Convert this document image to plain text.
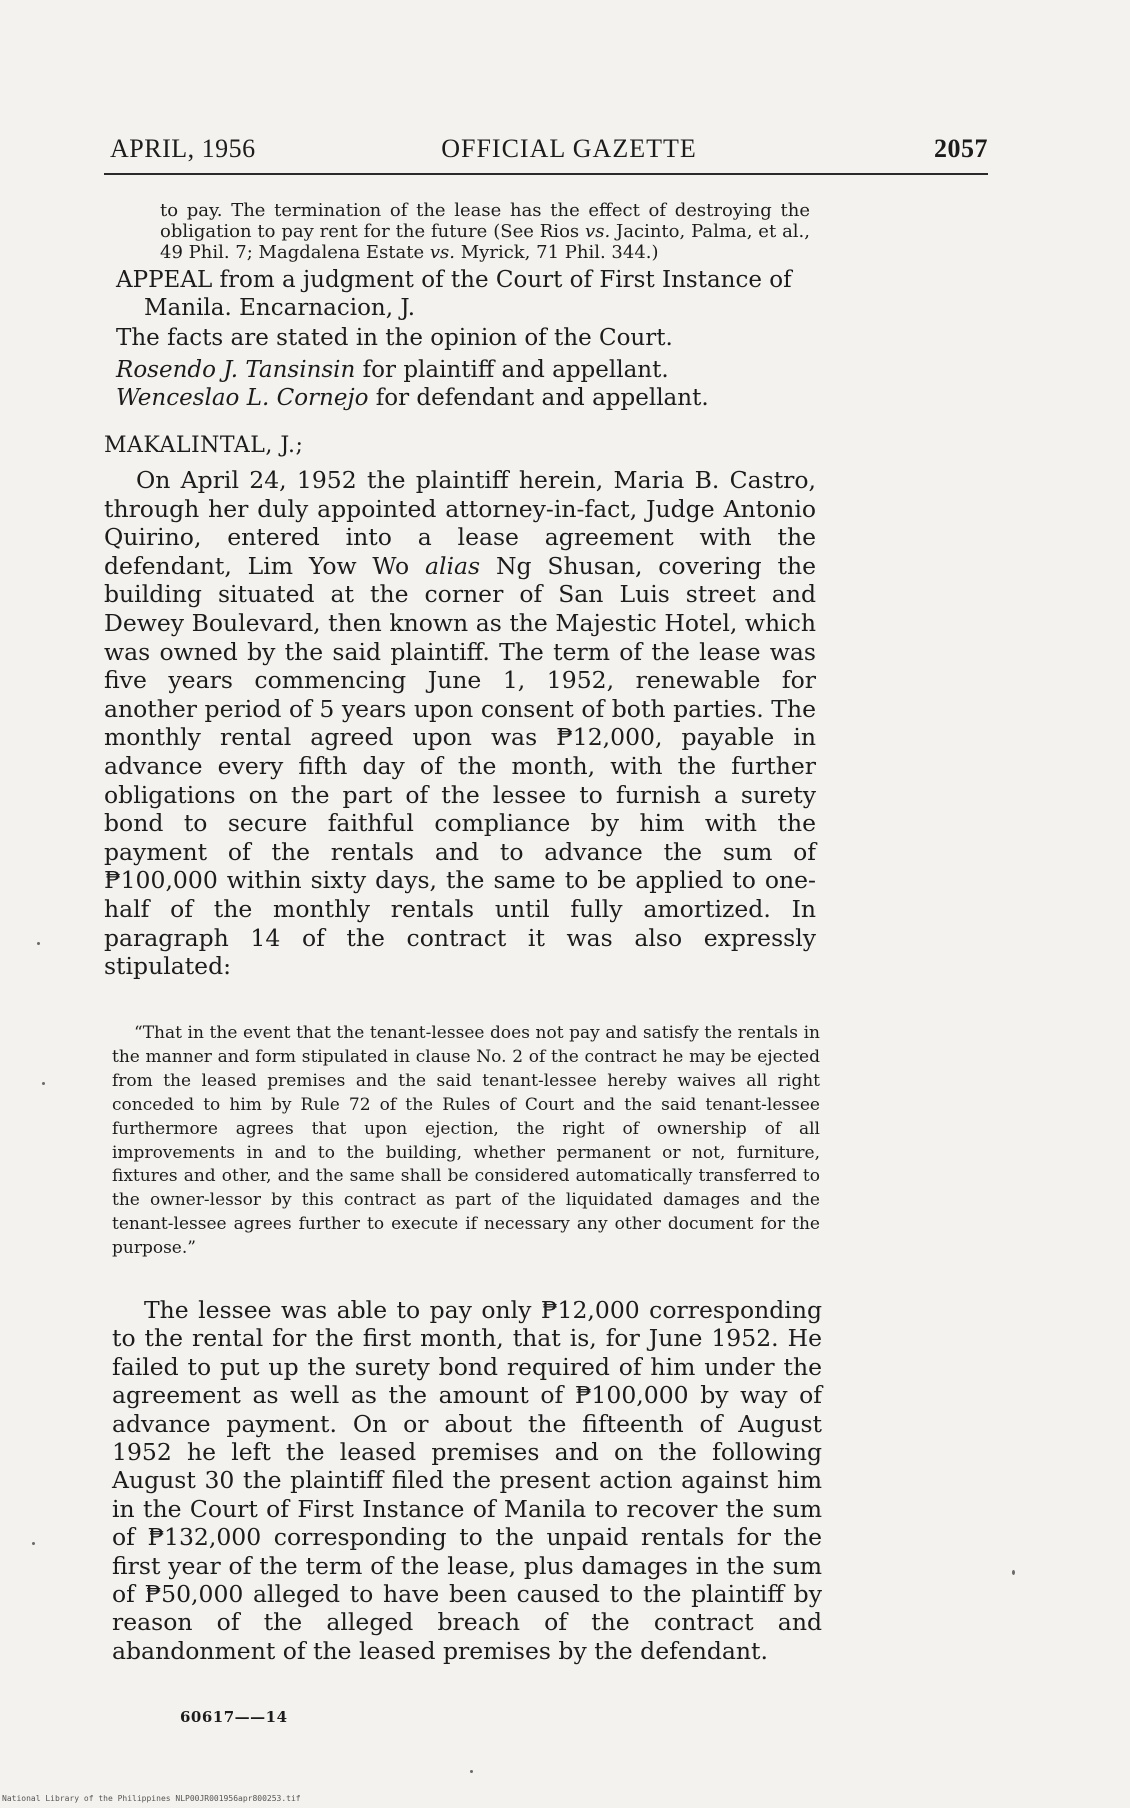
APRIL, 1956	OFFICIAL GAZETTE	2057
to pay. The termination of the lease has the effect of destroying the obligation to pay rent for the future (See Rios vs. Jacinto, Palma, et al., 49 Phil. 7; Magdalena Estate vs. Myrick, 71 Phil. 344.)
APPEAL from a judgment of the Court of First Instance of Manila. Encarnacion, J.
The facts are stated in the opinion of the Court.
Rosendo J. Tansinsin for plaintiff and appellant.
Wenceslao L. Cornejo for defendant and appellant.
MAKALINTAL, J.;
On April 24, 1952 the plaintiff herein, Maria B. Castro, through her duly appointed attorney-in-fact, Judge Antonio Quirino, entered into a lease agreement with the defendant, Lim Yow Wo alias Ng Shusan, covering the building situated at the corner of San Luis street and Dewey Boulevard, then known as the Majestic Hotel, which was owned by the said plaintiff. The term of the lease was five years commencing June 1, 1952, renewable for another period of 5 years upon consent of both parties. The monthly rental agreed upon was ₱12,000, payable in advance every fifth day of the month, with the further obligations on the part of the lessee to furnish a surety bond to secure faithful compliance by him with the payment of the rentals and to advance the sum of ₱100,000 within sixty days, the same to be applied to one-half of the monthly rentals until fully amortized. In paragraph 14 of the contract it was also expressly stipulated:
“That in the event that the tenant-lessee does not pay and satisfy the rentals in the manner and form stipulated in clause No. 2 of the contract he may be ejected from the leased premises and the said tenant-lessee hereby waives all right conceded to him by Rule 72 of the Rules of Court and the said tenant-lessee furthermore agrees that upon ejection, the right of ownership of all improvements in and to the building, whether permanent or not, furniture, fixtures and other, and the same shall be considered automatically transferred to the owner-lessor by this contract as part of the liquidated damages and the tenant-lessee agrees further to execute if necessary any other document for the purpose.”
The lessee was able to pay only ₱12,000 corresponding to the rental for the first month, that is, for June 1952. He failed to put up the surety bond required of him under the agreement as well as the amount of ₱100,000 by way of advance payment. On or about the fifteenth of August 1952 he left the leased premises and on the following August 30 the plaintiff filed the present action against him in the Court of First Instance of Manila to recover the sum of ₱132,000 corresponding to the unpaid rentals for the first year of the term of the lease, plus damages in the sum of ₱50,000 alleged to have been caused to the plaintiff by reason of the alleged breach of the contract and abandonment of the leased premises by the defendant.
60617——14
National Library of the Philippines NLP00JR001956apr800253.tif
